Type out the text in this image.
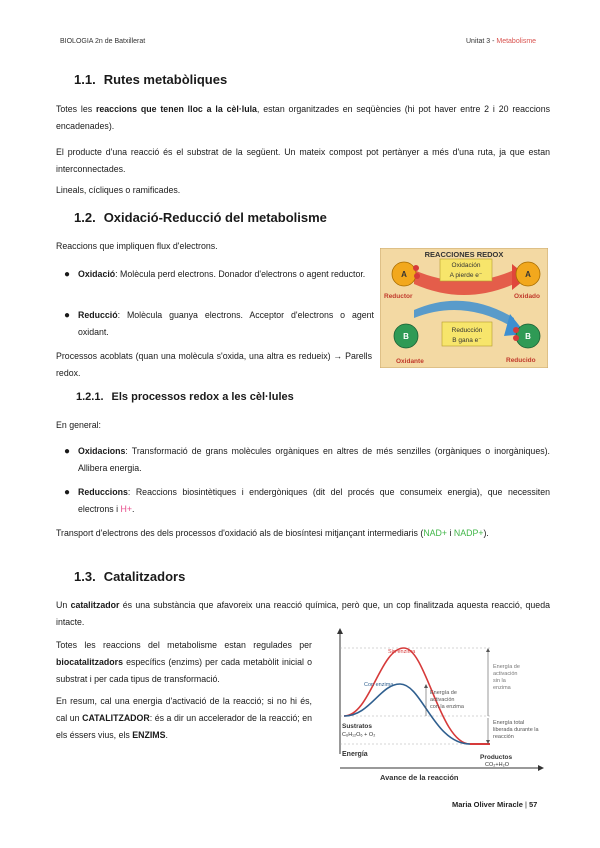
BIOLOGIA 2n de Batxillerat	Unitat 3 - Metabolisme
1.1. Rutes metabòliques

Totes les reaccions que tenen lloc a la cèl·lula, estan organitzades en seqüències (hi pot haver entre 2 i 20 reaccions encadenades).

El producte d'una reacció és el substrat de la següent. Un mateix compost pot pertànyer a més d'una ruta, ja que estan interconnectades.

Lineals, cícliques o ramificades.

1.2. Oxidació-Reducció del metabolisme

Reaccions que impliquen flux d'electrons.

● Oxidació: Molècula perd electrons. Donador d'electrons o agent reductor.
● Reducció: Molècula guanya electrons. Acceptor d'electrons o agent oxidant.

Processos acoblats (quan una molècula s'oxida, una altra es redueix) → Parells redox.

REACCIONES REDOX
Oxidación
A pierde e⁻
Reducción
B gana e⁻
A	A
B	B
Reductor	Oxidado
Oxidante	Reducido
1.2.1. Els processos redox a les cèl·lules

En general:

● Oxidacions: Transformació de grans molècules orgàniques en altres de més senzilles (orgàniques o inorgàniques). Allibera energia.
● Reduccions: Reaccions biosintètiques i endergòniques (dit del procés que consumeix energia), que necessiten electrons i H+.

Transport d'electrons des dels processos d'oxidació als de biosíntesi mitjançant intermediaris (NAD+ i NADP+).

1.3. Catalitzadors

Un catalitzador és una substància que afavoreix una reacció química, però que, un cop finalitzada aquesta reacció, queda intacte.

Totes les reaccions del metabolisme estan regulades per biocatalitzadors específics (enzims) per cada metabòlit inicial o substrat i per cada tipus de transformació.

En resum, cal una energia d'activació de la reacció; si no hi és, cal un CATALITZADOR: és a dir un accelerador de la reacció; en els éssers vius, els ENZIMS.

Sin enzima
Con enzima
Energía de activación con la enzima
Energía de activación sin la enzima
Energía total liberada durante la reacción
Sustratos
C₆H₁₂O₆ + O₂
Productos
CO₂+H₂O
Energía
Avance de la reacción
Maria Oliver Miracle | 57
